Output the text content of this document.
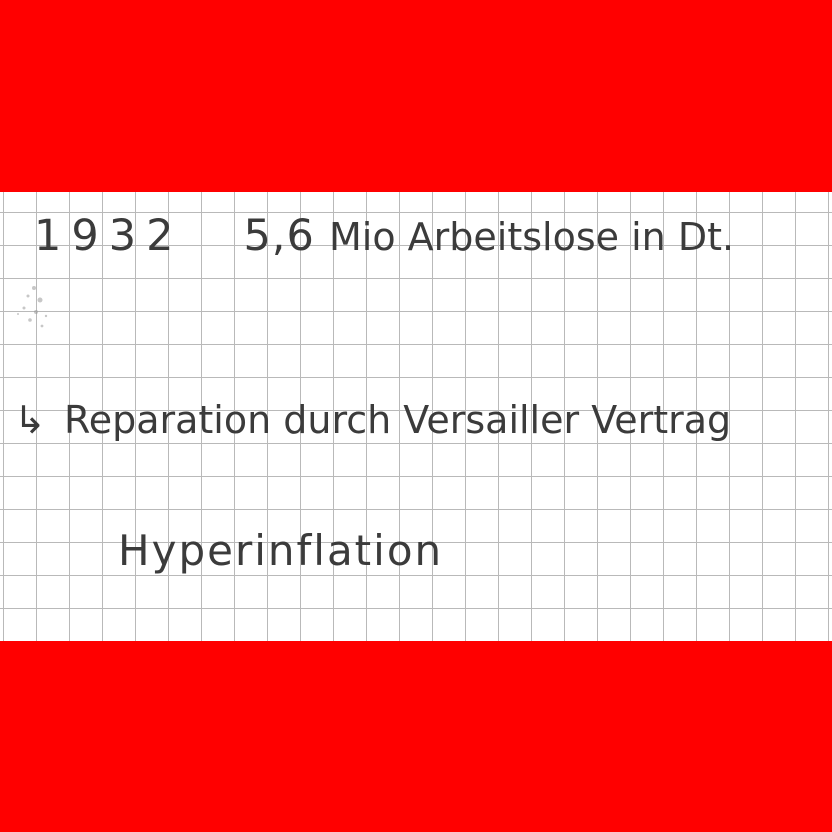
1932 5,6 Mio Arbeitslose in Dt.

↳ Reparation durch Versailler Vertrag

Hyperinflation
